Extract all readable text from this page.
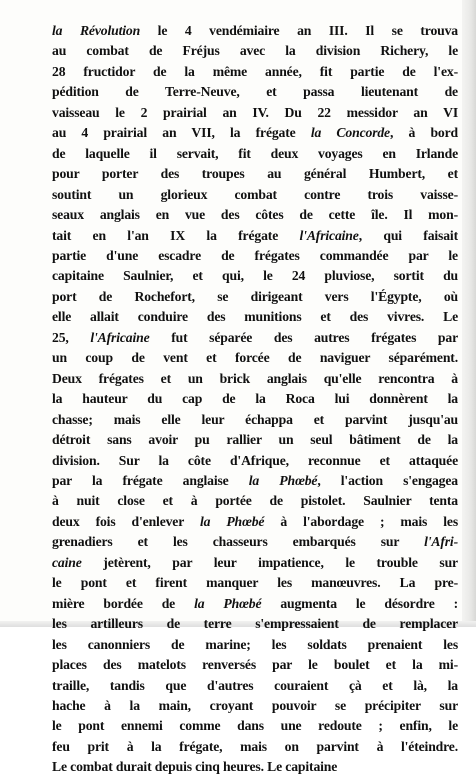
la Révolution le 4 vendémiaire an III. Il se trouva
au combat de Fréjus avec la division Richery, le
28 fructidor de la même année, fit partie de l'ex-
pédition de Terre-Neuve, et passa lieutenant de
vaisseau le 2 prairial an IV. Du 22 messidor an VI
au 4 prairial an VII, la frégate la Concorde, à bord
de laquelle il servait, fit deux voyages en Irlande
pour porter des troupes au général Humbert, et
soutint un glorieux combat contre trois vaisse-
seaux anglais en vue des côtes de cette île. Il mon-
tait en l'an IX la frégate l'Africaine, qui faisait
partie d'une escadre de frégates commandée par le
capitaine Saulnier, et qui, le 24 pluviose, sortit du
port de Rochefort, se dirigeant vers l'Égypte, où
elle allait conduire des munitions et des vivres. Le
25, l'Africaine fut séparée des autres frégates par
un coup de vent et forcée de naviguer séparément.
Deux frégates et un brick anglais qu'elle rencontra à
la hauteur du cap de la Roca lui donnèrent la
chasse; mais elle leur échappa et parvint jusqu'au
détroit sans avoir pu rallier un seul bâtiment de la
division. Sur la côte d'Afrique, reconnue et attaquée
par la frégate anglaise la Phœbé, l'action s'engagea
à nuit close et à portée de pistolet. Saulnier tenta
deux fois d'enlever la Phœbé à l'abordage ; mais les
grenadiers et les chasseurs embarqués sur l'Afri-
caine jetèrent, par leur impatience, le trouble sur
le pont et firent manquer les manœuvres. La pre-
mière bordée de la Phœbé augmenta le désordre :
les artilleurs de terre s'empressaient de remplacer
les canonniers de marine; les soldats prenaient les
places des matelots renversés par le boulet et la mi-
traille, tandis que d'autres couraient çà et là, la
hache à la main, croyant pouvoir se précipiter sur
le pont ennemi comme dans une redoute ; enfin, le
feu prit à la frégate, mais on parvint à l'éteindre.
Le combat durait depuis cinq heures. Le capitaine
